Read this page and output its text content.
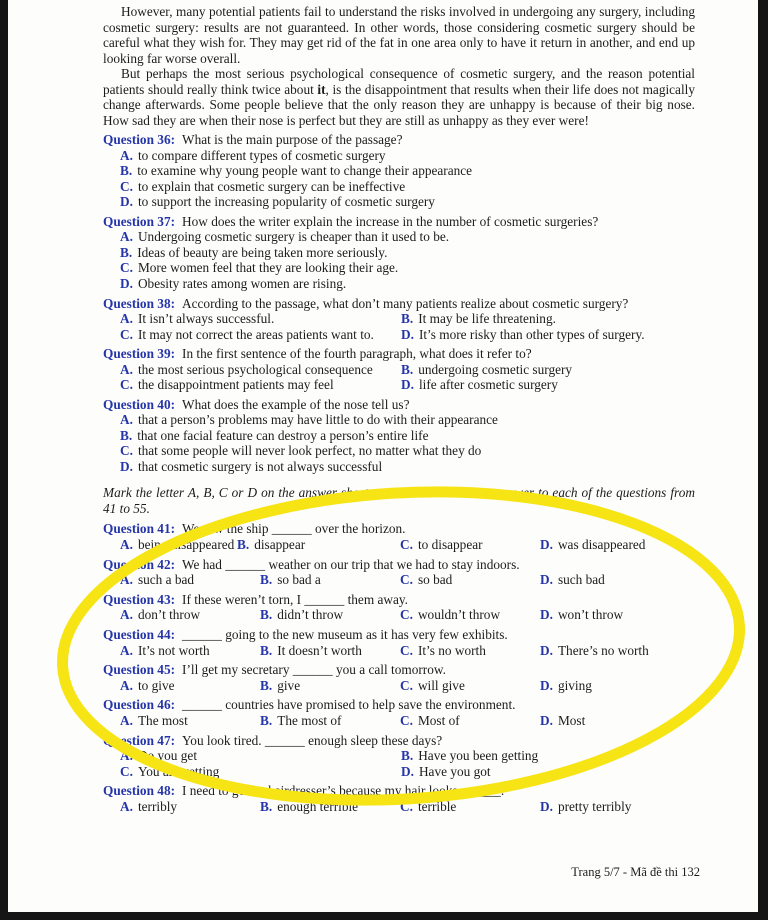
However, many potential patients fail to understand the risks involved in undergoing any surgery, including cosmetic surgery: results are not guaranteed. In other words, those considering cosmetic surgery should be careful what they wish for. They may get rid of the fat in one area only to have it return in another, and end up looking far worse overall.

But perhaps the most serious psychological consequence of cosmetic surgery, and the reason potential patients should really think twice about it, is the disappointment that results when their life does not magically change afterwards. Some people believe that the only reason they are unhappy is because of their big nose. How sad they are when their nose is perfect but they are still as unhappy as they ever were!

Question 36: What is the main purpose of the passage?
A. to compare different types of cosmetic surgery
B. to examine why young people want to change their appearance
C. to explain that cosmetic surgery can be ineffective
D. to support the increasing popularity of cosmetic surgery
Question 37: How does the writer explain the increase in the number of cosmetic surgeries?
A. Undergoing cosmetic surgery is cheaper than it used to be.
B. Ideas of beauty are being taken more seriously.
C. More women feel that they are looking their age.
D. Obesity rates among women are rising.
Question 38: According to the passage, what don’t many patients realize about cosmetic surgery?
A. It isn’t always successful.	B. It may be life threatening.
C. It may not correct the areas patients want to.	D. It’s more risky than other types of surgery.
Question 39: In the first sentence of the fourth paragraph, what does it refer to?
A. the most serious psychological consequence	B. undergoing cosmetic surgery
C. the disappointment patients may feel	D. life after cosmetic surgery
Question 40: What does the example of the nose tell us?
A. that a person’s problems may have little to do with their appearance
B. that one facial feature can destroy a person’s entire life
C. that some people will never look perfect, no matter what they do
D. that cosmetic surgery is not always successful

Mark the letter A, B, C or D on the answer sheet to indicate the correct answer to each of the questions from 41 to 55.

Question 41: We saw the ship ______ over the horizon.
A. being disappeared B. disappear	C. to disappear	D. was disappeared
Question 42: We had ______ weather on our trip that we had to stay indoors.
A. such a bad	B. so bad a	C. so bad	D. such bad
Question 43: If these weren’t torn, I ______ them away.
A. don’t throw	B. didn’t throw	C. wouldn’t throw	D. won’t throw
Question 44: ______ going to the new museum as it has very few exhibits.
A. It’s not worth	B. It doesn’t worth	C. It’s no worth	D. There’s no worth
Question 45: I’ll get my secretary ______ you a call tomorrow.
A. to give	B. give	C. will give	D. giving
Question 46: ______ countries have promised to help save the environment.
A. The most	B. The most of	C. Most of	D. Most
Question 47: You look tired. ______ enough sleep these days?
A. Do you get	B. Have you been getting
C. You are getting	D. Have you got
Question 48: I need to go the hairdresser’s because my hair looks ______.
A. terribly	B. enough terrible	C. terrible	D. pretty terribly
Trang 5/7 - Mã đề thi 132
